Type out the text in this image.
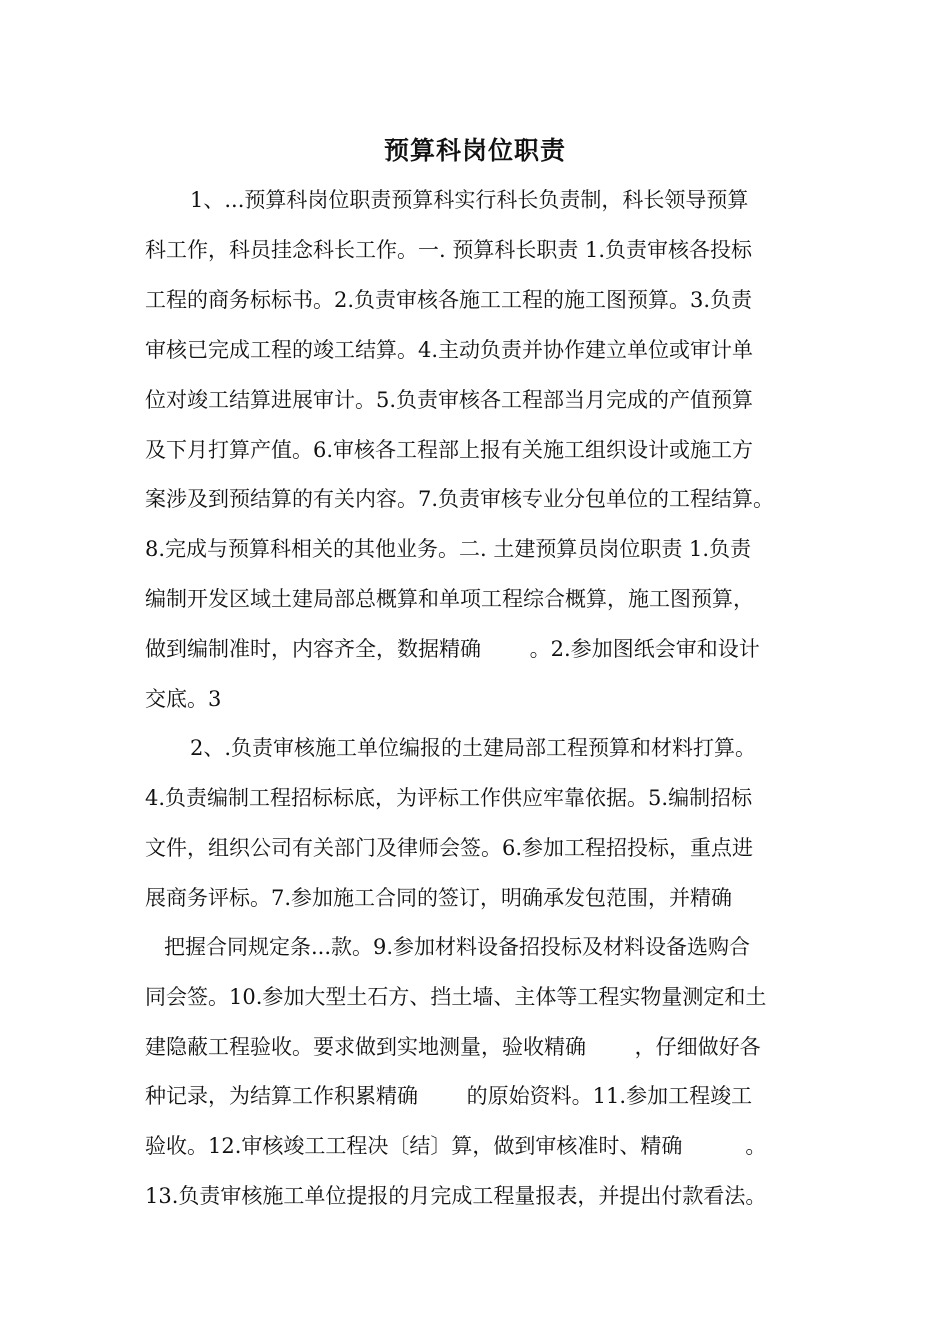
预算科岗位职责
1、...预算科岗位职责预算科实行科长负责制，科长领导预算
科工作，科员挂念科长工作。一. 预算科长职责 1.负责审核各投标
工程的商务标标书。2.负责审核各施工工程的施工图预算。3.负责
审核已完成工程的竣工结算。4.主动负责并协作建立单位或审计单
位对竣工结算进展审计。5.负责审核各工程部当月完成的产值预算
及下月打算产值。6.审核各工程部上报有关施工组织设计或施工方
案涉及到预结算的有关内容。7.负责审核专业分包单位的工程结算。
8.完成与预算科相关的其他业务。二. 土建预算员岗位职责 1.负责
编制开发区域土建局部总概算和单项工程综合概算，施工图预算，
做到编制准时，内容齐全，数据精确　　 。2.参加图纸会审和设计
交底。3
2、.负责审核施工单位编报的土建局部工程预算和材料打算。
4.负责编制工程招标标底，为评标工作供应牢靠依据。5.编制招标
文件，组织公司有关部门及律师会签。6.参加工程招投标，重点进
展商务评标。7.参加施工合同的签订，明确承发包范围，并精确
把握合同规定条...款。9.参加材料设备招投标及材料设备选购合
同会签。10.参加大型土石方、挡土墙、主体等工程实物量测定和土
建隐蔽工程验收。要求做到实地测量，验收精确　　 ，仔细做好各
种记录，为结算工作积累精确　　 的原始资料。11.参加工程竣工
验收。12.审核竣工工程决〔结〕算，做到审核准时、精确　　　。
13.负责审核施工单位提报的月完成工程量报表，并提出付款看法。
